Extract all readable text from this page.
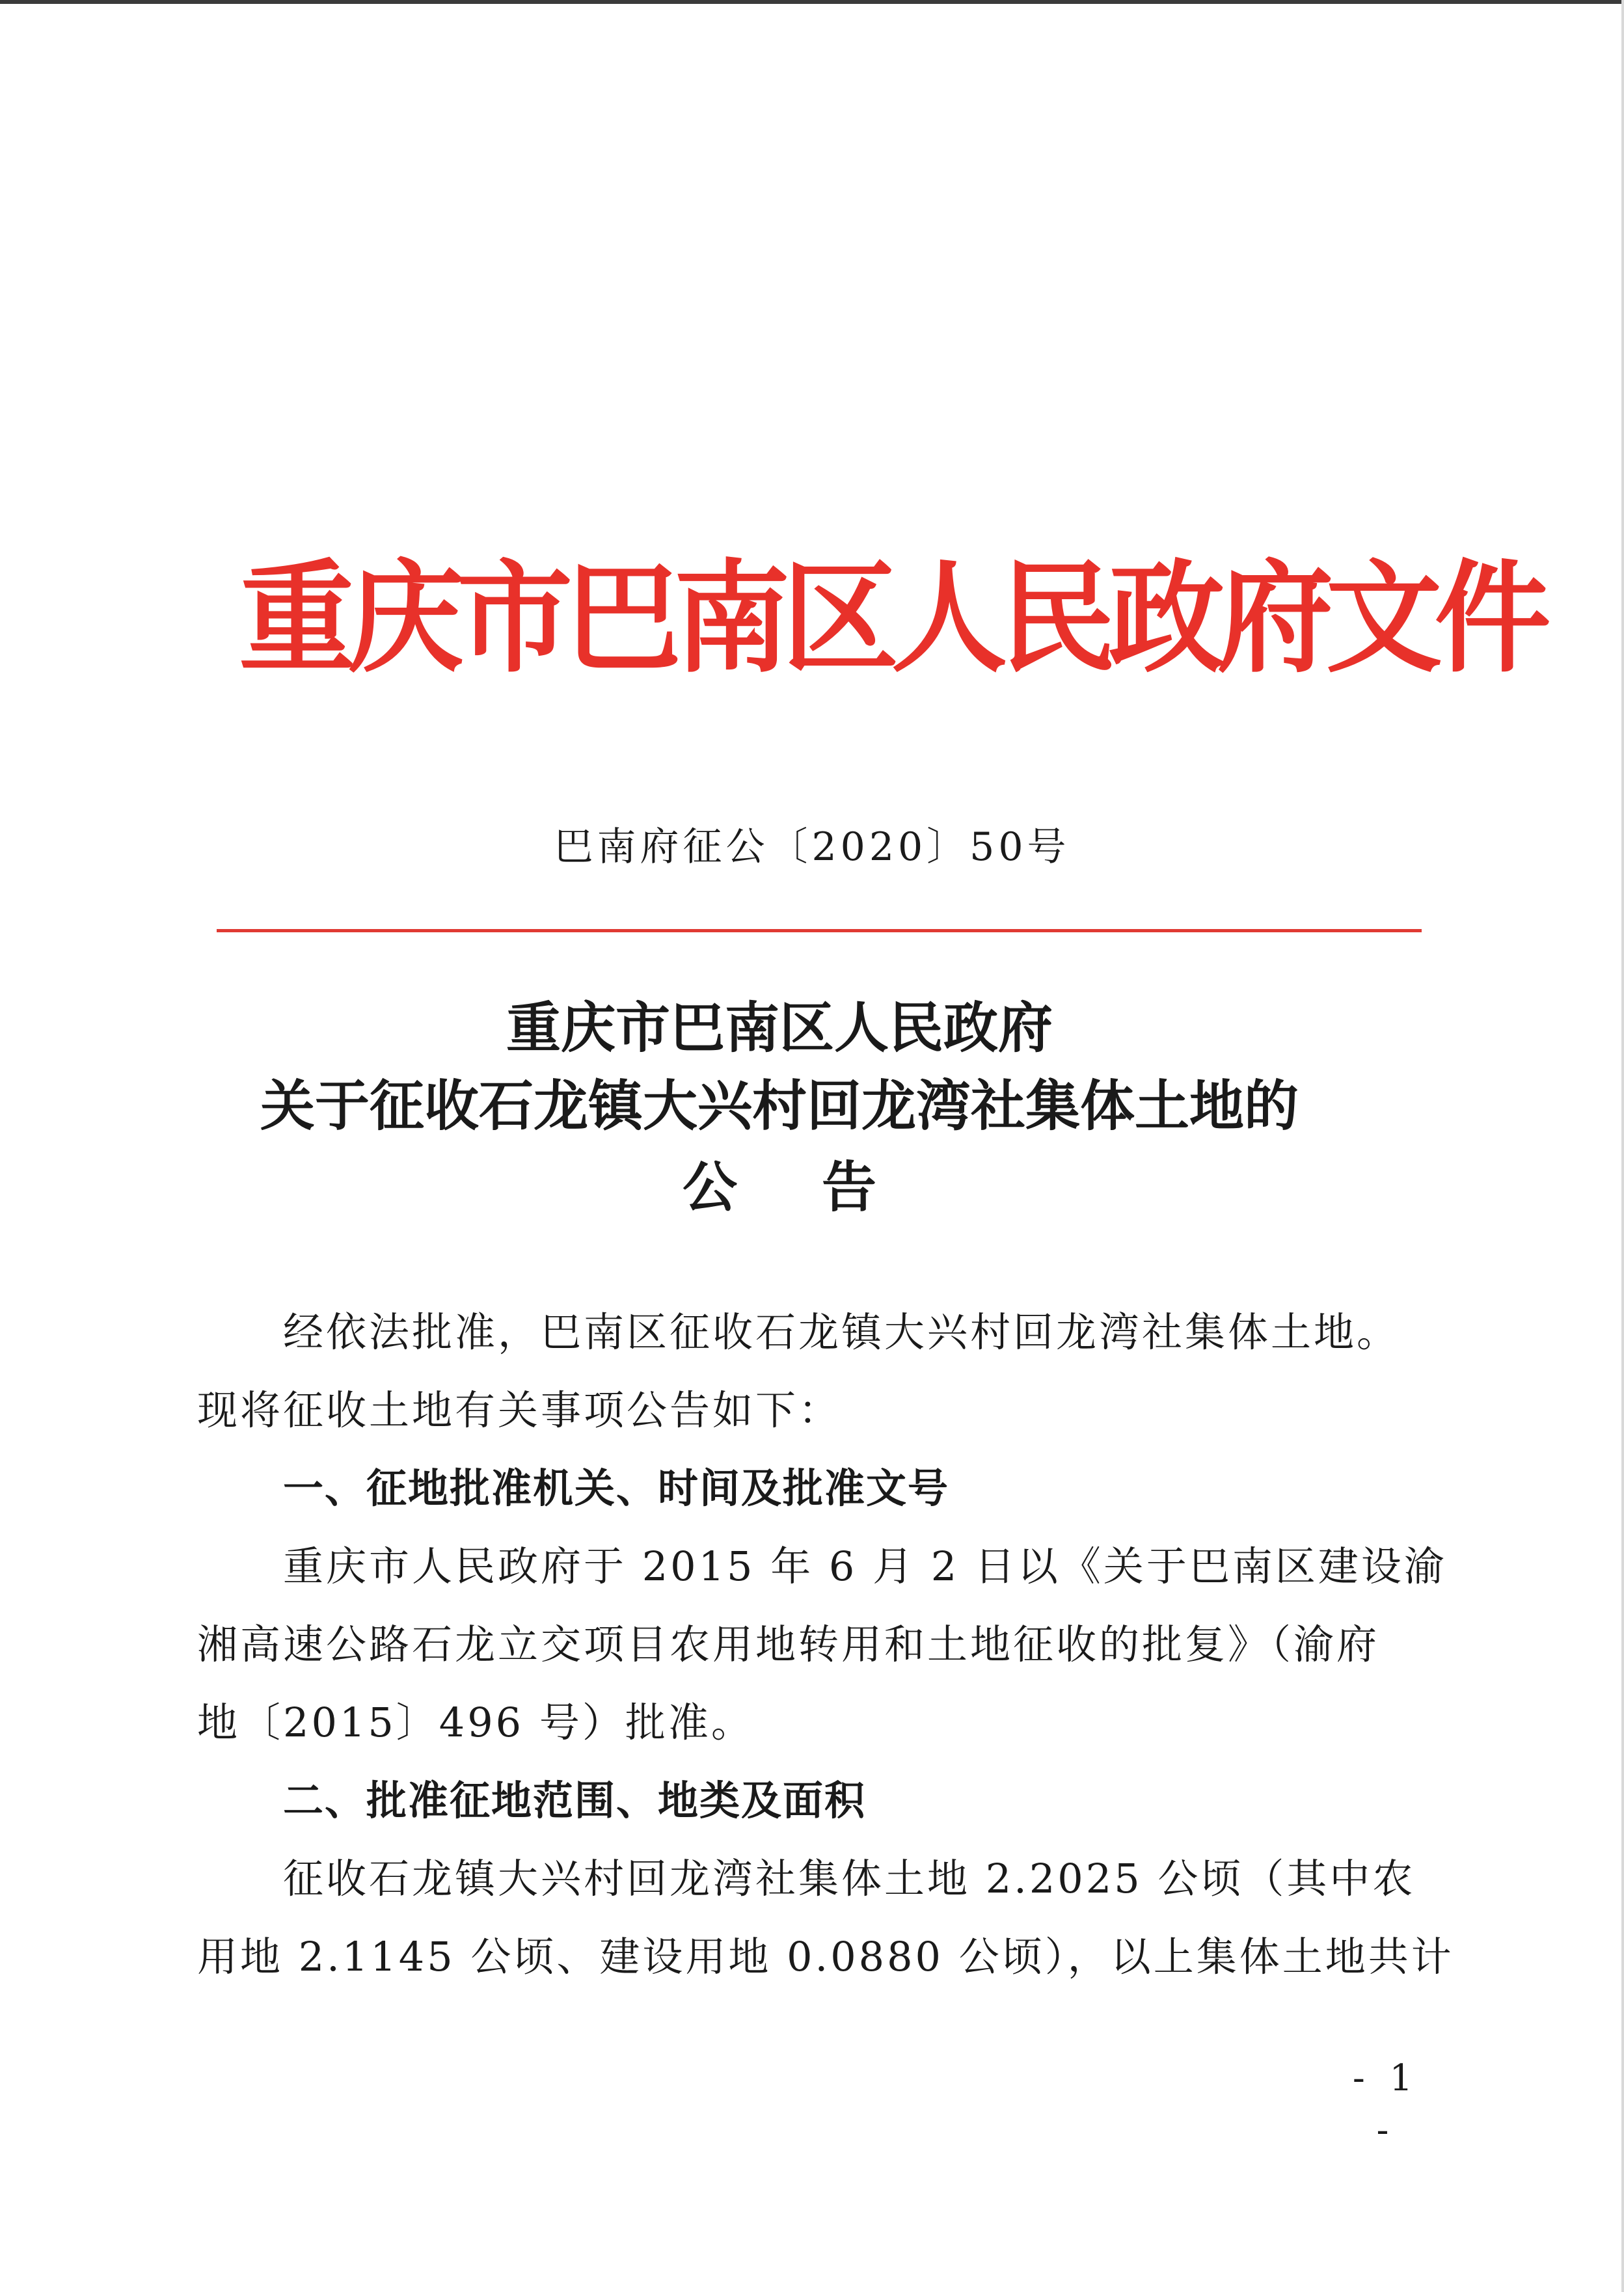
重庆市巴南区人民政府文件
巴南府征公〔2020〕50号
重庆市巴南区人民政府
关于征收石龙镇大兴村回龙湾社集体土地的
公告
经依法批准，巴南区征收石龙镇大兴村回龙湾社集体土地。
现将征收土地有关事项公告如下：
一、征地批准机关、时间及批准文号
重庆市人民政府于 2015 年 6 月 2 日以《关于巴南区建设渝
湘高速公路石龙立交项目农用地转用和土地征收的批复》（渝府
地〔2015〕496 号）批准。
二、批准征地范围、地类及面积
征收石龙镇大兴村回龙湾社集体土地 2.2025 公顷（其中农
用地 2.1145 公顷、建设用地 0.0880 公顷），以上集体土地共计
- 1 -
